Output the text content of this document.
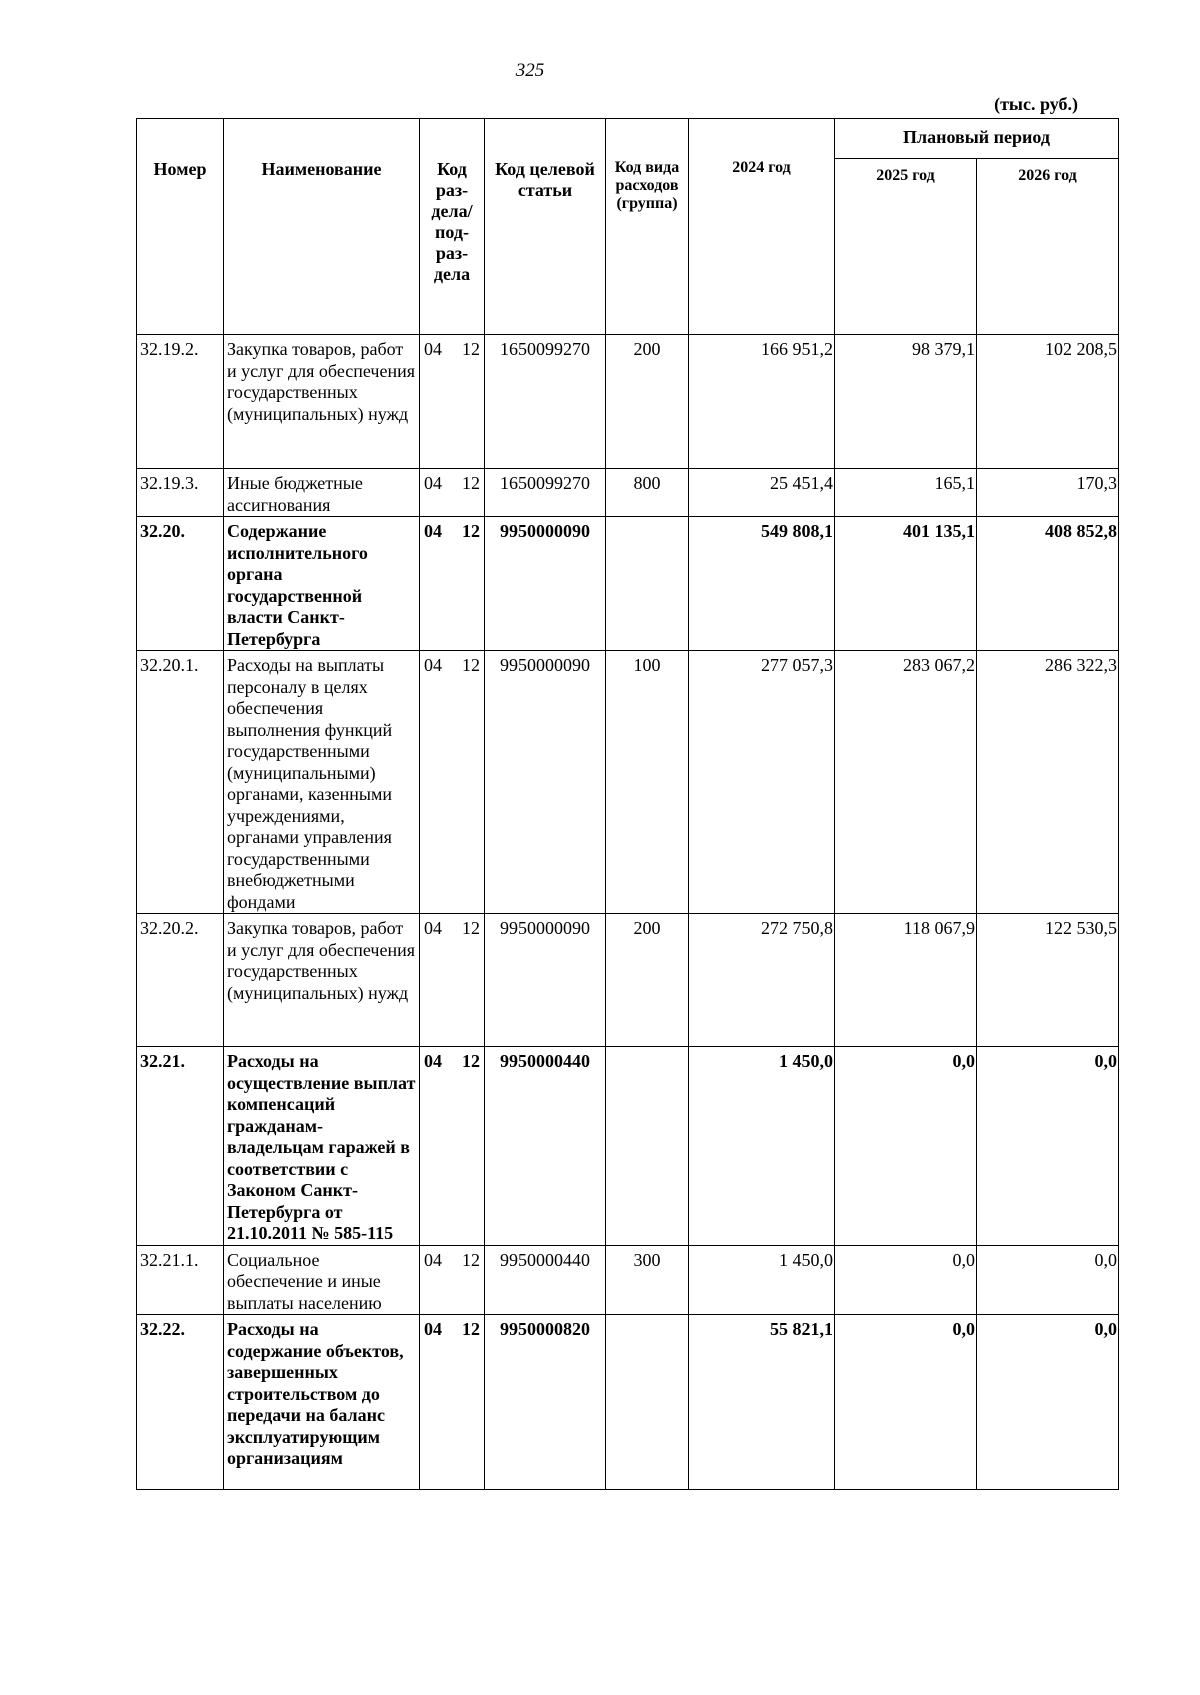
325
(тыс. руб.)
Номер	Наименование	Код раз-дела/ под-раз-дела	Код целевой статьи	Код вида расходов (группа)	2024 год	Плановый период	

						2025 год	2026 год

32.19.2.	Закупка товаров, работ и услуг для обеспечения государственных (муниципальных) нужд	04 12	1650099270	200	166 951,2	98 379,1	102 208,5

32.19.3.	Иные бюджетные ассигнования	04 12	1650099270	800	25 451,4	165,1	170,3

32.20.	Содержание исполнительного органа государственной власти Санкт-Петербурга	04 12	9950000090		549 808,1	401 135,1	408 852,8

32.20.1.	Расходы на выплаты персоналу в целях обеспечения выполнения функций государственными (муниципальными) органами, казенными учреждениями, органами управления государственными внебюджетными фондами	04 12	9950000090	100	277 057,3	283 067,2	286 322,3

32.20.2.	Закупка товаров, работ и услуг для обеспечения государственных (муниципальных) нужд	04 12	9950000090	200	272 750,8	118 067,9	122 530,5

32.21.	Расходы на осуществление выплат компенсаций гражданам-владельцам гаражей в соответствии с Законом Санкт-Петербурга от 21.10.2011 № 585-115	04 12	9950000440		1 450,0	0,0	0,0

32.21.1.	Социальное обеспечение и иные выплаты населению	04 12	9950000440	300	1 450,0	0,0	0,0

32.22.	Расходы на содержание объектов, завершенных строительством до передачи на баланс эксплуатирующим организациям	04 12	9950000820		55 821,1	0,0	0,0
